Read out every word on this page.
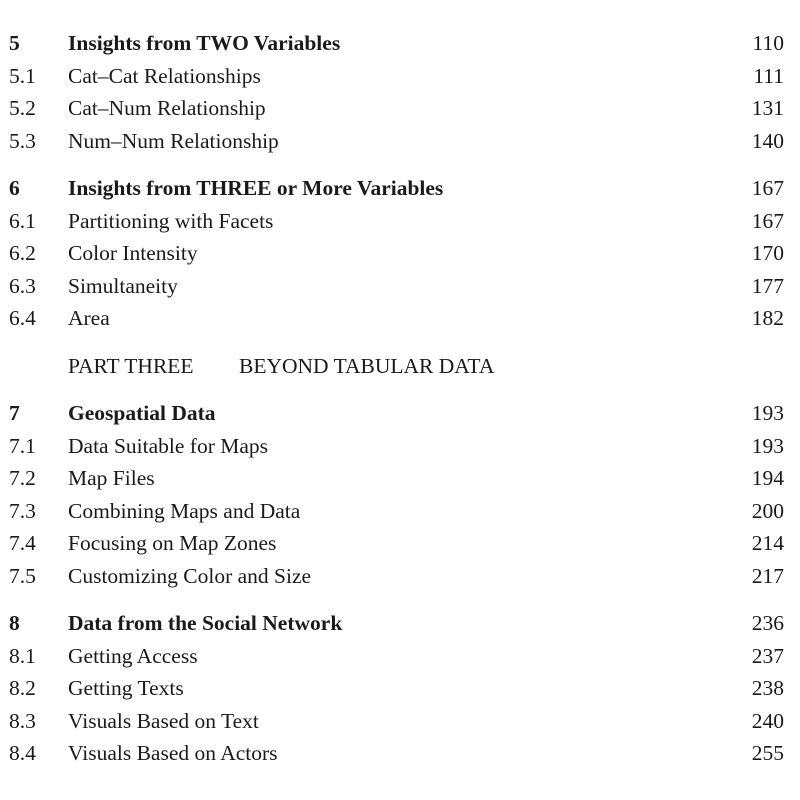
5 Insights from TWO Variables	110
5.1 Cat–Cat Relationships	111
5.2 Cat–Num Relationship	131
5.3 Num–Num Relationship	140
6 Insights from THREE or More Variables	167
6.1 Partitioning with Facets	167
6.2 Color Intensity	170
6.3 Simultaneity	177
6.4 Area	182
PART THREE BEYOND TABULAR DATA
7 Geospatial Data	193
7.1 Data Suitable for Maps	193
7.2 Map Files	194
7.3 Combining Maps and Data	200
7.4 Focusing on Map Zones	214
7.5 Customizing Color and Size	217
8 Data from the Social Network	236
8.1 Getting Access	237
8.2 Getting Texts	238
8.3 Visuals Based on Text	240
8.4 Visuals Based on Actors	255
